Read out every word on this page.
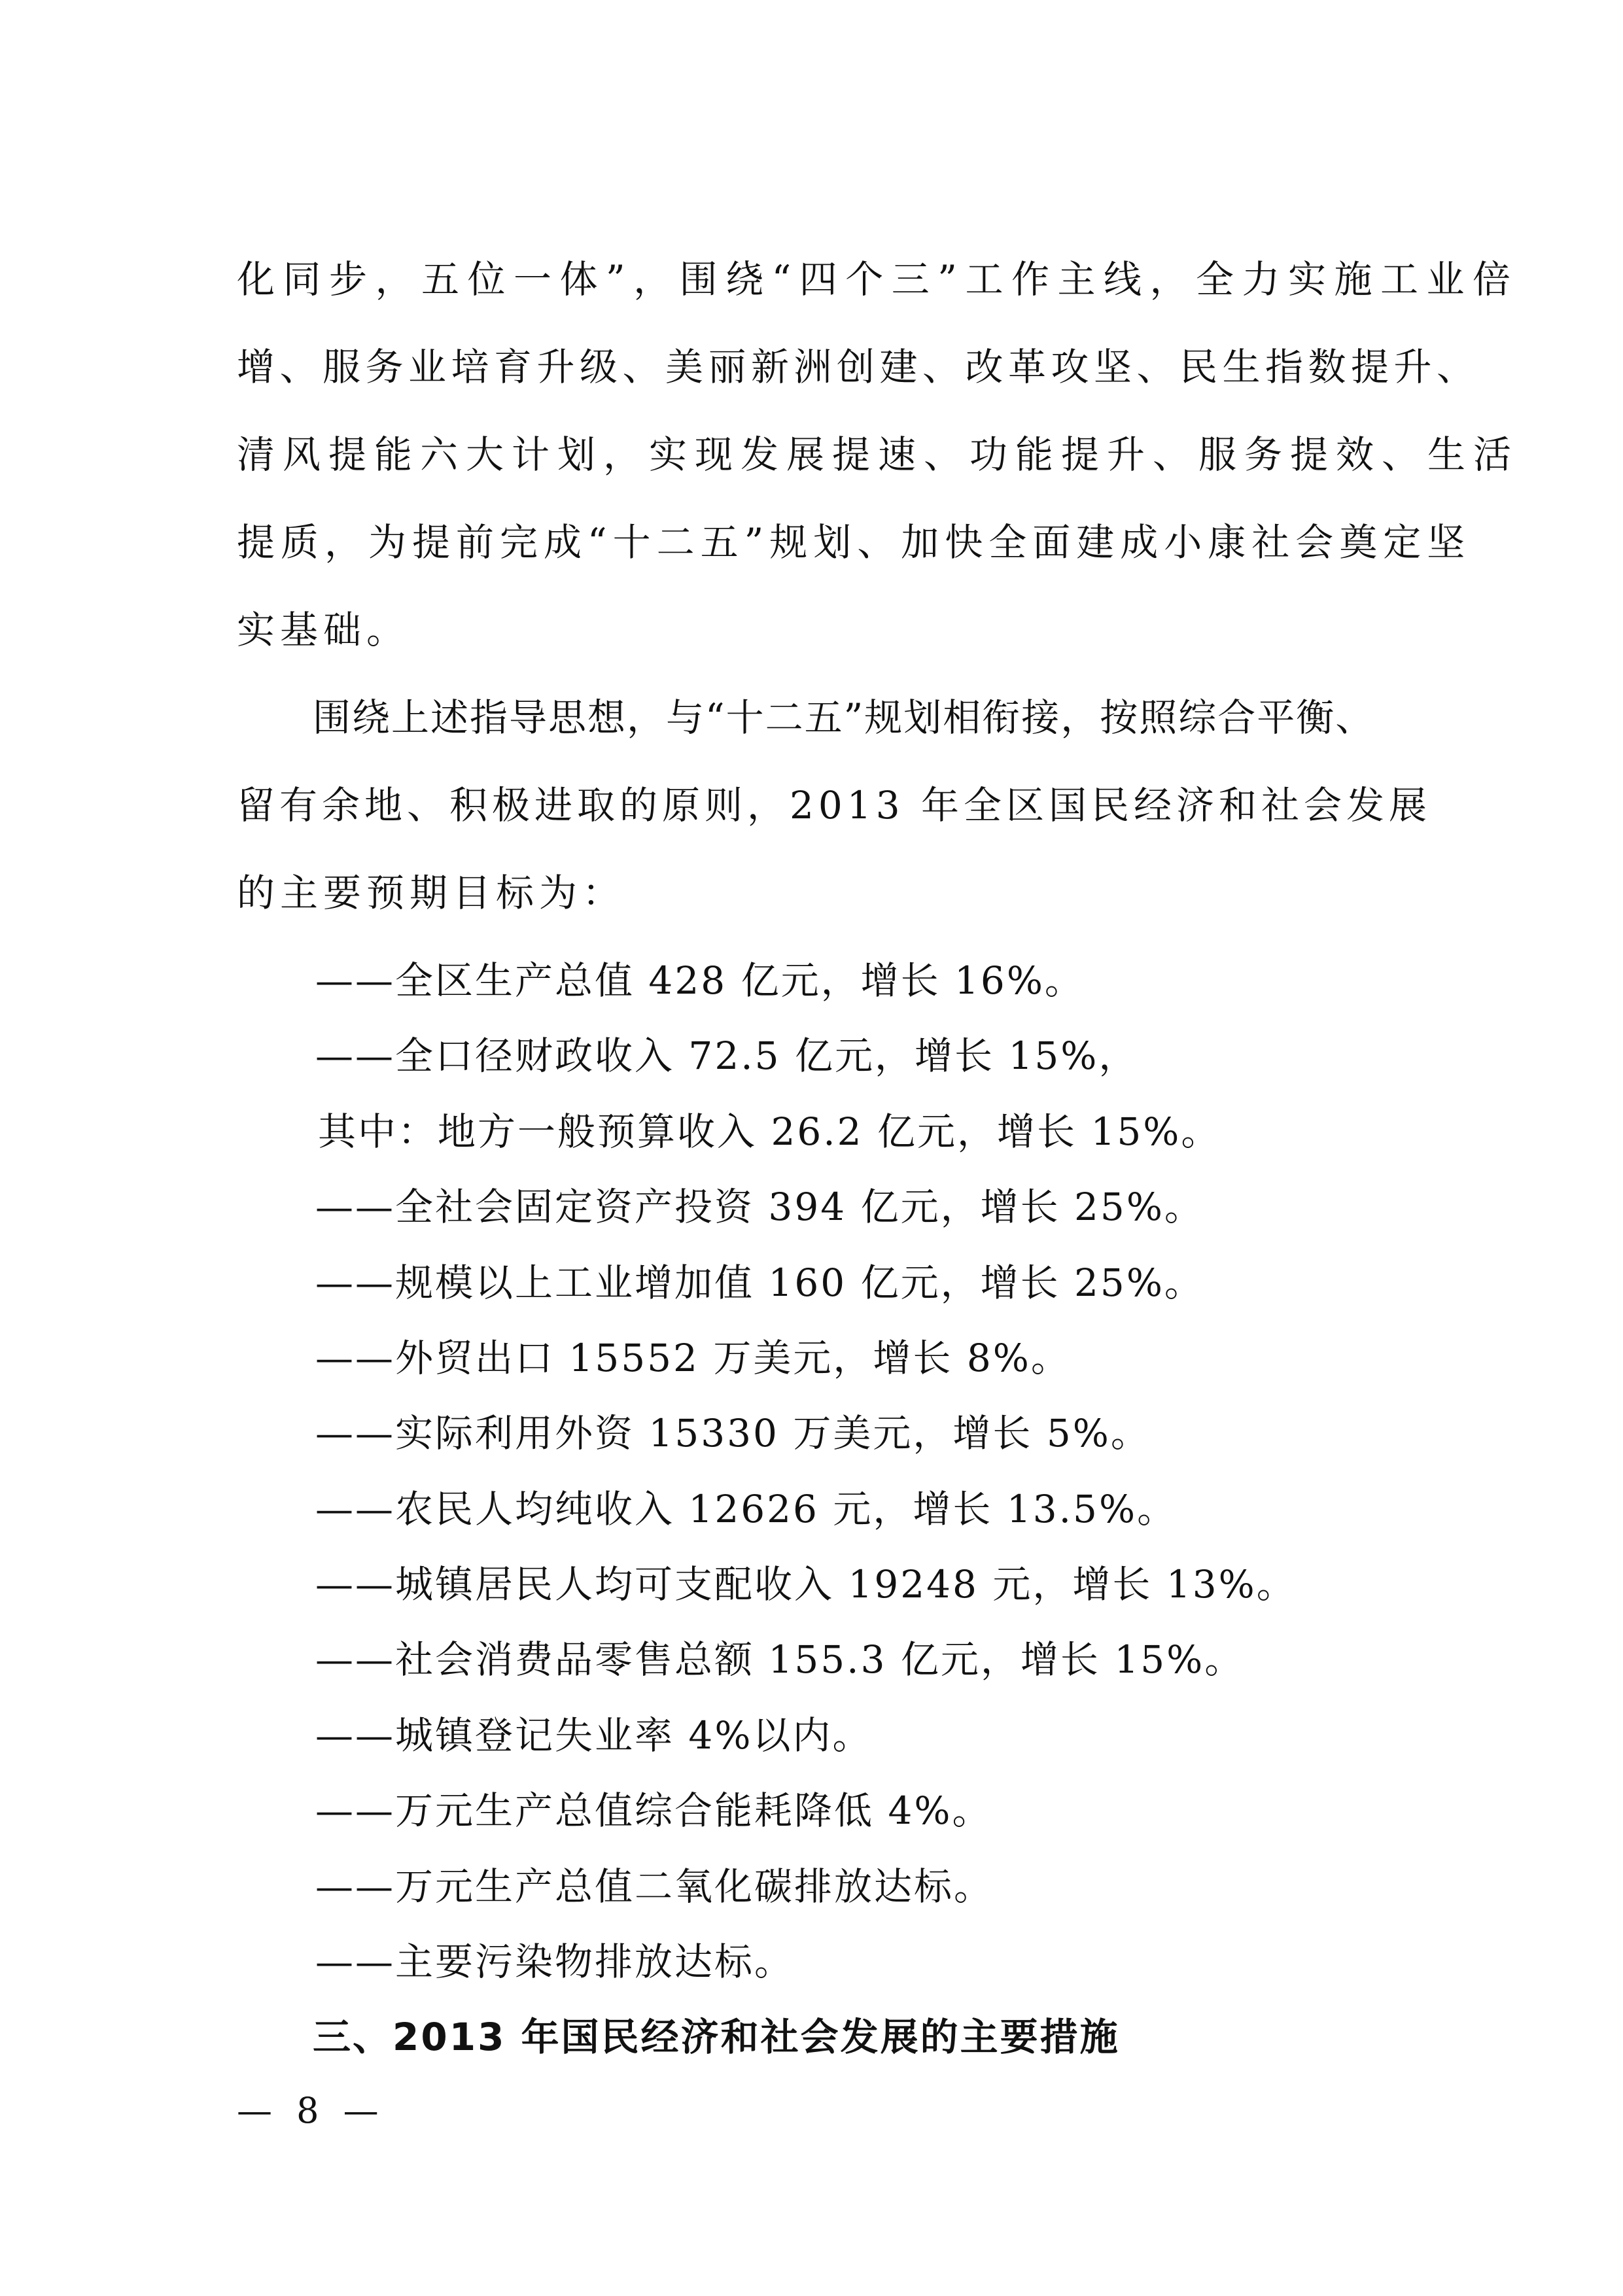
化同步，五位一体”，围绕“四个三”工作主线，全力实施工业倍
增、服务业培育升级、美丽新洲创建、改革攻坚、民生指数提升、
清风提能六大计划，实现发展提速、功能提升、服务提效、生活
提质，为提前完成“十二五”规划、加快全面建成小康社会奠定坚
实基础。
围绕上述指导思想，与“十二五”规划相衔接，按照综合平衡、
留有余地、积极进取的原则，2013 年全区国民经济和社会发展
的主要预期目标为：
——全区生产总值 428 亿元，增长 16%。
——全口径财政收入 72.5 亿元，增长 15%，
其中：地方一般预算收入 26.2 亿元，增长 15%。
——全社会固定资产投资 394 亿元，增长 25%。
——规模以上工业增加值 160 亿元，增长 25%。
——外贸出口 15552 万美元，增长 8%。
——实际利用外资 15330 万美元，增长 5%。
——农民人均纯收入 12626 元，增长 13.5%。
——城镇居民人均可支配收入 19248 元，增长 13%。
——社会消费品零售总额 155.3 亿元，增长 15%。
——城镇登记失业率 4%以内。
——万元生产总值综合能耗降低 4%。
三、2013 年国民经济和社会发展的主要措施
— 8 —
——万元生产总值二氧化碳排放达标。
——主要污染物排放达标。
